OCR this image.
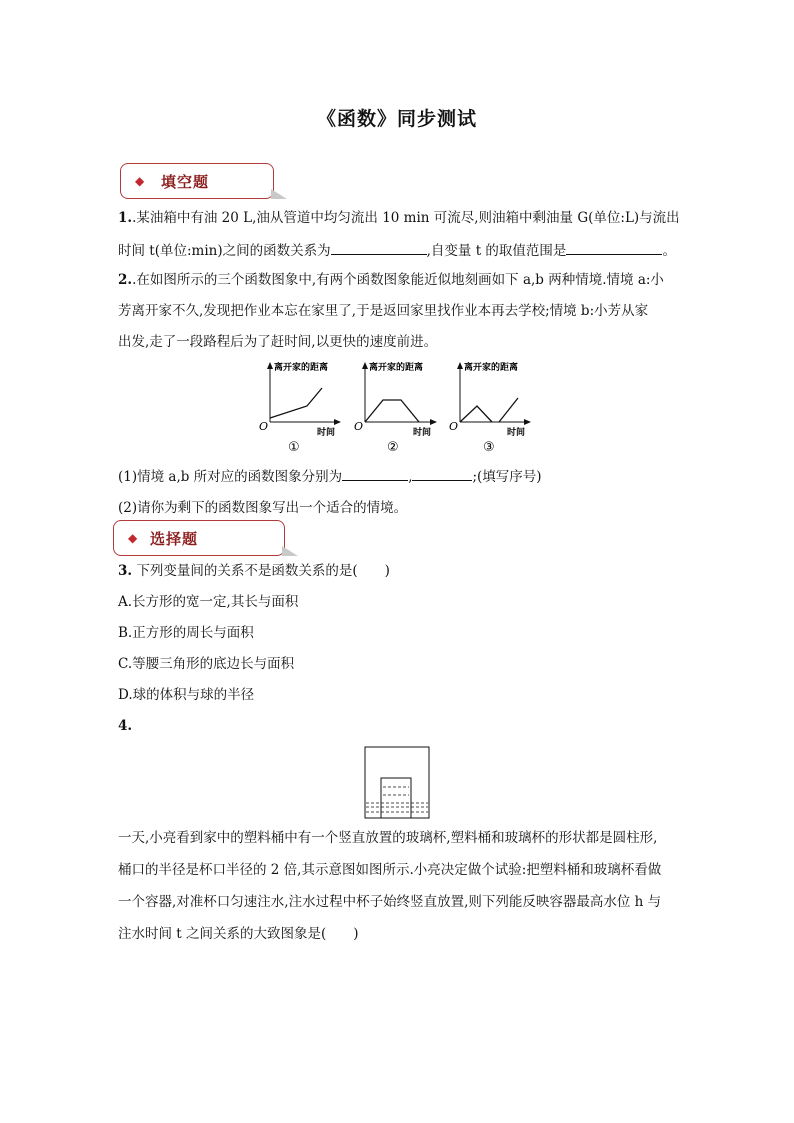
《函数》同步测试
◆ 填空题
1..某油箱中有油 20 L,油从管道中均匀流出 10 min 可流尽,则油箱中剩油量 G(单位:L)与流出
时间 t(单位:min)之间的函数关系为	,自变量 t 的取值范围是	。
2..在如图所示的三个函数图象中,有两个函数图象能近似地刻画如下 a,b 两种情境.情境 a:小
芳离开家不久,发现把作业本忘在家里了,于是返回家里找作业本再去学校;情境 b:小芳从家
出发,走了一段路程后为了赶时间,以更快的速度前进。
离开家的距离
O	时间
①
离开家的距离
O	时间
②
离开家的距离
O	时间
③
(1)情境 a,b 所对应的函数图象分别为	,	;(填写序号)
(2)请你为剩下的函数图象写出一个适合的情境。
◆ 选择题
3. 下列变量间的关系不是函数关系的是(　　)
A.长方形的宽一定,其长与面积
B.正方形的周长与面积
C.等腰三角形的底边长与面积
D.球的体积与球的半径
4.
一天,小亮看到家中的塑料桶中有一个竖直放置的玻璃杯,塑料桶和玻璃杯的形状都是圆柱形,
桶口的半径是杯口半径的 2 倍,其示意图如图所示.小亮决定做个试验:把塑料桶和玻璃杯看做
一个容器,对准杯口匀速注水,注水过程中杯子始终竖直放置,则下列能反映容器最高水位 h 与
注水时间 t 之间关系的大致图象是(　　)
